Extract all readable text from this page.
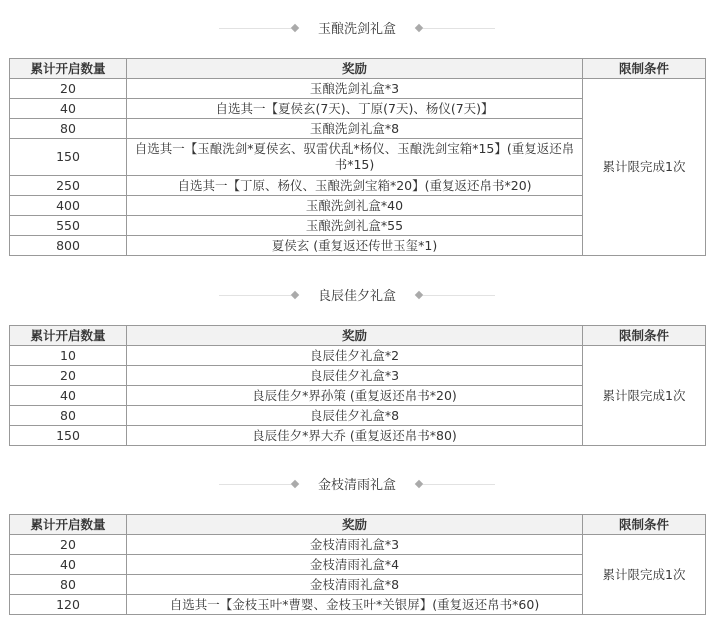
玉酿洗剑礼盒
累计开启数量	奖励	限制条件
20	玉酿洗剑礼盒*3	累计限完成1次
40	自选其一【夏侯玄(7天)、丁原(7天)、杨仪(7天)】	
80	玉酿洗剑礼盒*8	
150	自选其一【玉酿洗剑*夏侯玄、驭雷伏乱*杨仪、玉酿洗剑宝箱*15】(重复返还帛书*15)	
250	自选其一【丁原、杨仪、玉酿洗剑宝箱*20】(重复返还帛书*20)	
400	玉酿洗剑礼盒*40	
550	玉酿洗剑礼盒*55	
800	夏侯玄 (重复返还传世玉玺*1)	
良辰佳夕礼盒
累计开启数量	奖励	限制条件
10	良辰佳夕礼盒*2	累计限完成1次
20	良辰佳夕礼盒*3	
40	良辰佳夕*界孙策 (重复返还帛书*20)	
80	良辰佳夕礼盒*8	
150	良辰佳夕*界大乔 (重复返还帛书*80)	
金枝清雨礼盒
累计开启数量	奖励	限制条件
20	金枝清雨礼盒*3	累计限完成1次
40	金枝清雨礼盒*4	
80	金枝清雨礼盒*8	
120	自选其一【金枝玉叶*曹婴、金枝玉叶*关银屏】(重复返还帛书*60)	
